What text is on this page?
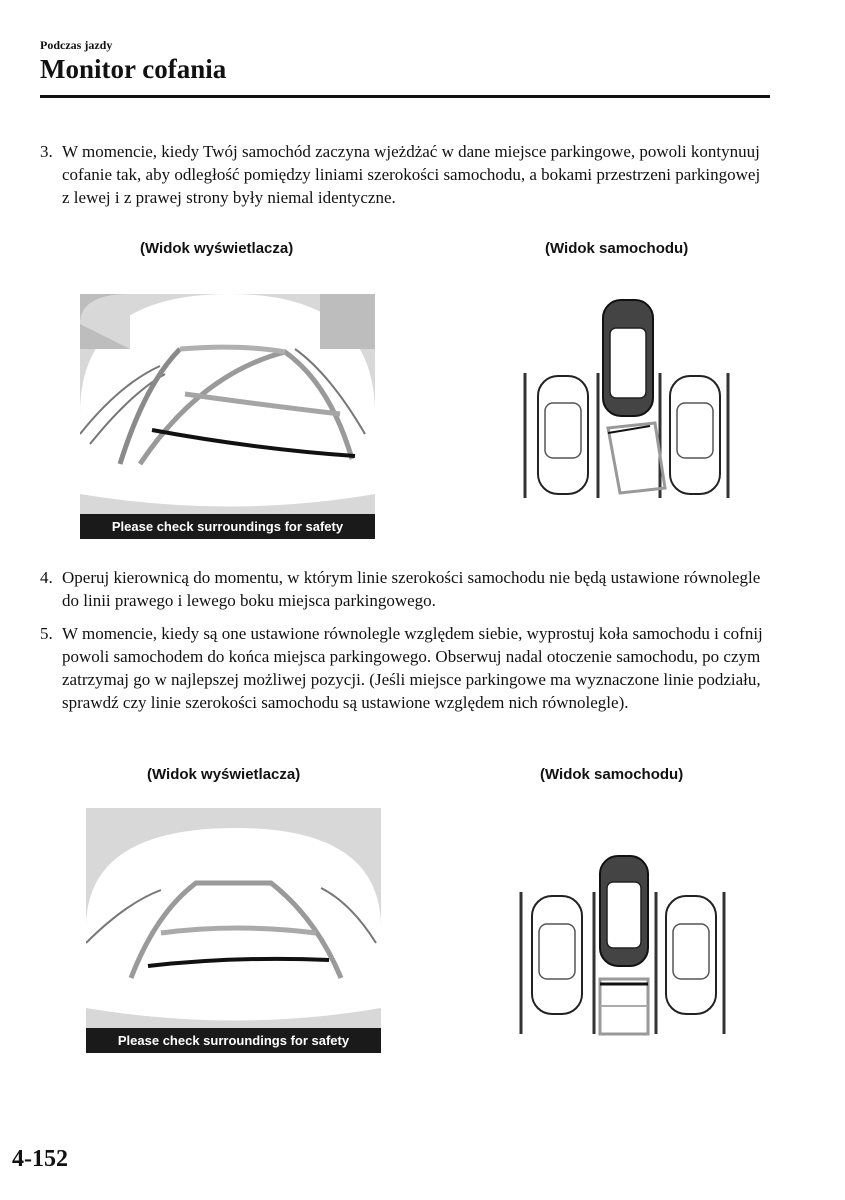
Podczas jazdy
Monitor cofania
3. W momencie, kiedy Twój samochód zaczyna wjeżdżać w dane miejsce parkingowe, powoli kontynuuj cofanie tak, aby odległość pomiędzy liniami szerokości samochodu, a bokami przestrzeni parkingowej z lewej i z prawej strony były niemal identyczne.
(Widok wyświetlacza)	(Widok samochodu)
Please check surroundings for safety
4. Operuj kierownicą do momentu, w którym linie szerokości samochodu nie będą ustawione równolegle do linii prawego i lewego boku miejsca parkingowego.
5. W momencie, kiedy są one ustawione równolegle względem siebie, wyprostuj koła samochodu i cofnij powoli samochodem do końca miejsca parkingowego. Obserwuj nadal otoczenie samochodu, po czym zatrzymaj go w najlepszej możliwej pozycji. (Jeśli miejsce parkingowe ma wyznaczone linie podziału, sprawdź czy linie szerokości samochodu są ustawione względem nich równolegle).
(Widok wyświetlacza)	(Widok samochodu)
Please check surroundings for safety
4-152
